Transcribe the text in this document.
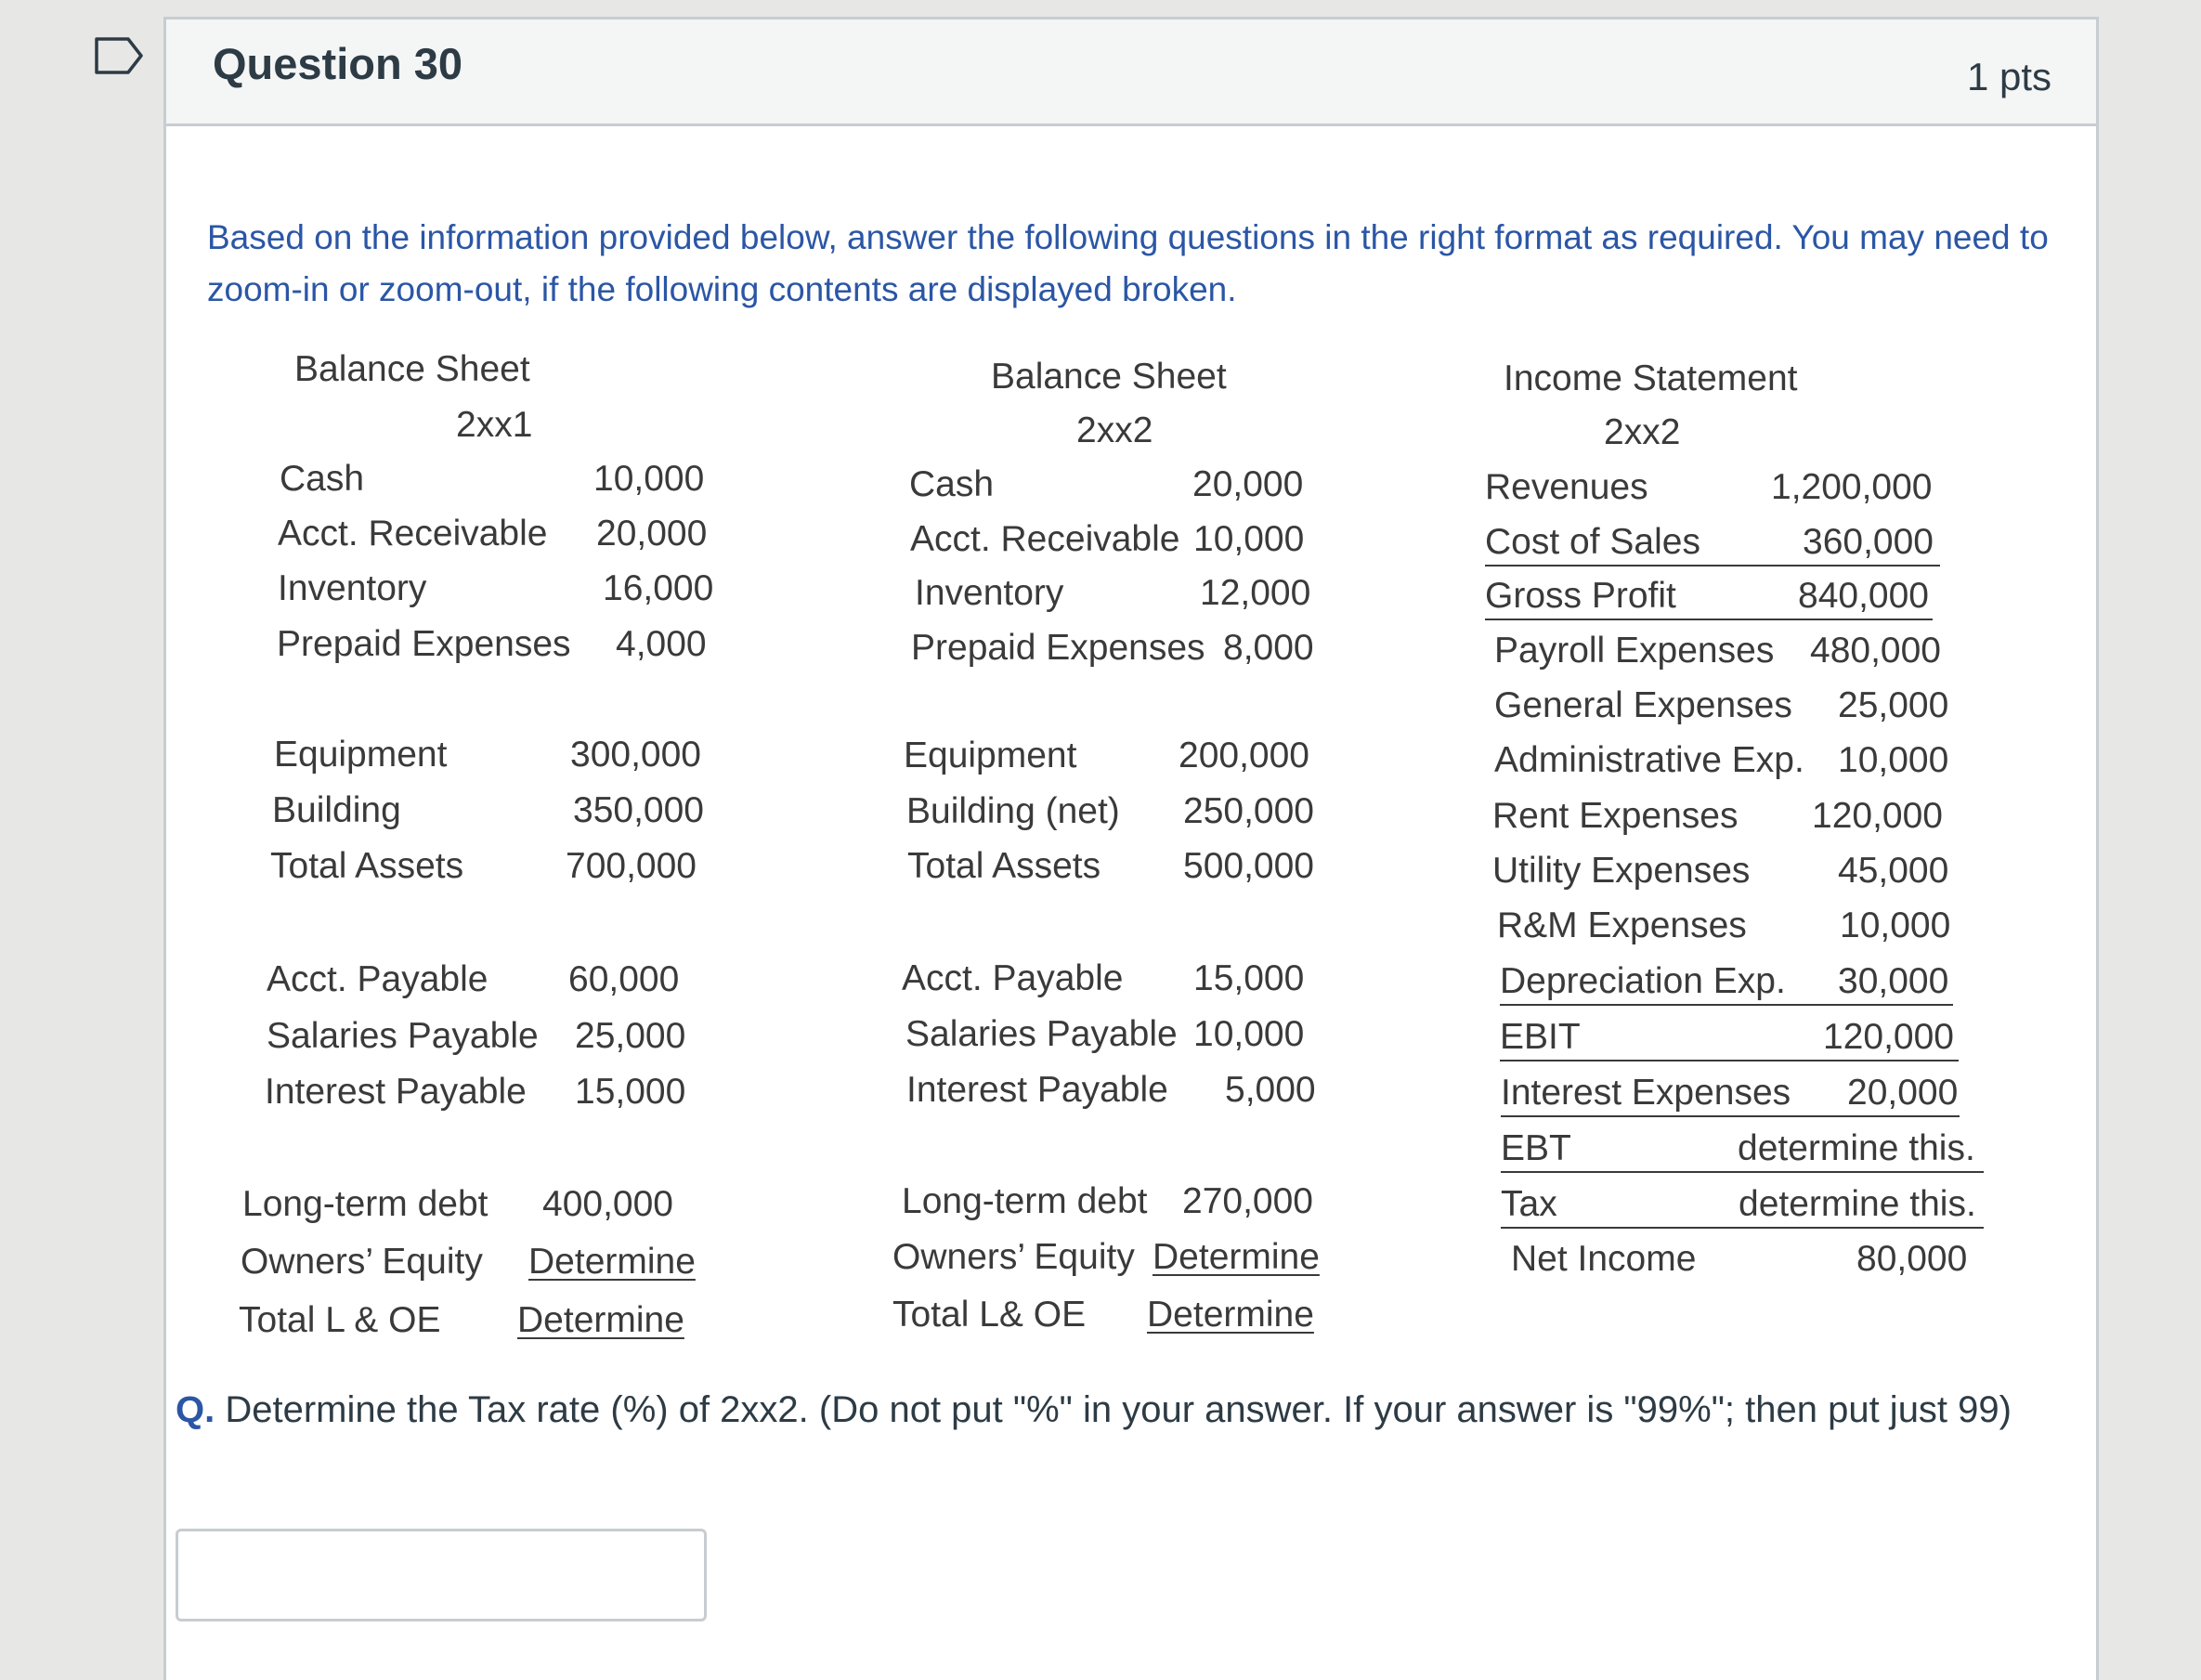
Question 30	1 pts
Based on the information provided below, answer the following questions in the right format as required. You may need to zoom-in or zoom-out, if the following contents are displayed broken.
Balance Sheet
2xx1
Cash	10,000
Acct. Receivable 20,000
Inventory	16,000
Prepaid Expenses 4,000
Equipment	300,000
Building	350,000
Total Assets	700,000
Acct. Payable 60,000
Salaries Payable 25,000
Interest Payable 15,000
Long-term debt 400,000
Owners’ Equity Determine
Total L & OE Determine
Balance Sheet
2xx2
Cash	20,000
Acct. Receivable 10,000
Inventory	12,000
Prepaid Expenses 8,000
Equipment	200,000
Building (net) 250,000
Total Assets 500,000
Acct. Payable 15,000
Salaries Payable 10,000
Interest Payable 5,000
Long-term debt 270,000
Owners’ Equity Determine
Total L& OE Determine
Income Statement
2xx2
Revenues	1,200,000
Cost of Sales	360,000
Gross Profit	840,000
Payroll Expenses 480,000
General Expenses 25,000
Administrative Exp. 10,000
Rent Expenses 120,000
Utility Expenses 45,000
R&M Expenses	10,000
Depreciation Exp. 30,000
EBIT	120,000
Interest Expenses 20,000
EBT	determine this.
Tax	determine this.
Net Income	80,000
Q. Determine the Tax rate (%) of 2xx2. (Do not put "%" in your answer. If your answer is "99%"; then put just 99)
